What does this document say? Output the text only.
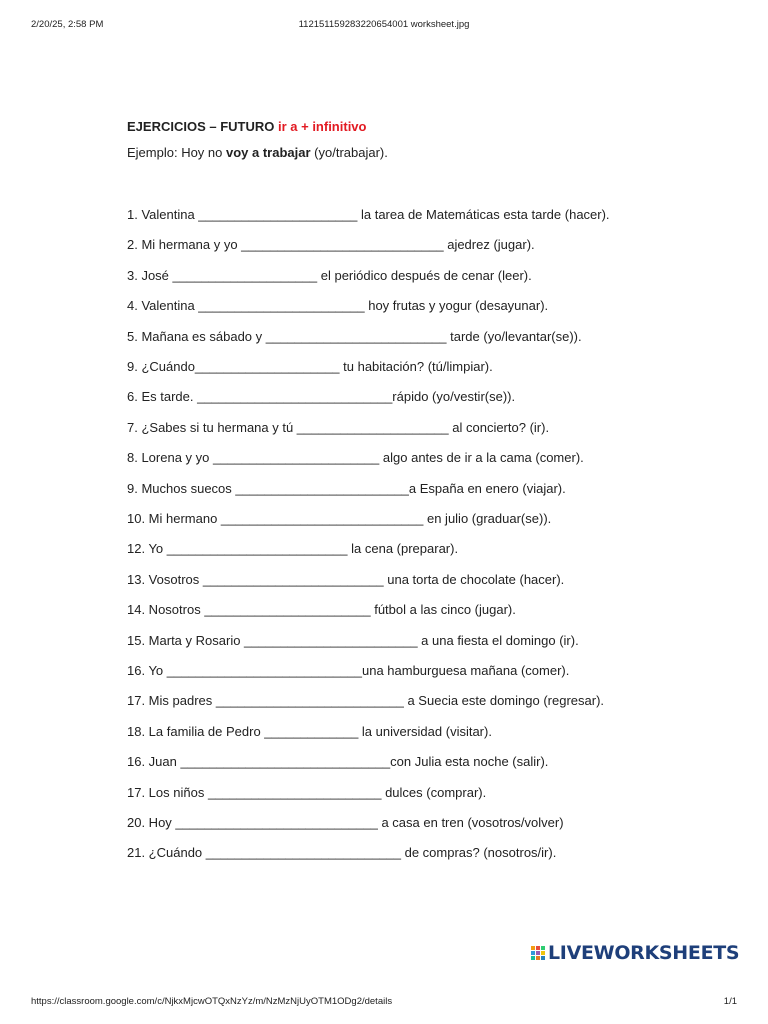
2/20/25, 2:58 PM	1121511592832206540​01 worksheet.jpg
EJERCICIOS – FUTURO ir a + infinitivo
Ejemplo: Hoy no voy a trabajar (yo/trabajar).
1. Valentina ______________________ la tarea de Matemáticas esta tarde (hacer).
2. Mi hermana y yo ____________________________ ajedrez (jugar).
3. José ____________________ el periódico después de cenar (leer).
4. Valentina _______________________ hoy frutas y yogur (desayunar).
5. Mañana es sábado y _________________________ tarde (yo/levantar(se)).
9. ¿Cuándo____________________ tu habitación? (tú/limpiar).
6. Es tarde. ___________________________rápido (yo/vestir(se)).
7. ¿Sabes si tu hermana y tú _____________________ al concierto? (ir).
8. Lorena y yo _______________________ algo antes de ir a la cama (comer).
9. Muchos suecos ________________________a España en enero (viajar).
10. Mi hermano ____________________________ en julio (graduar(se)).
12. Yo _________________________ la cena (preparar).
13. Vosotros _________________________ una torta de chocolate (hacer).
14. Nosotros _______________________ fútbol a las cinco (jugar).
15. Marta y Rosario ________________________ a una fiesta el domingo (ir).
16. Yo ___________________________una hamburguesa mañana (comer).
17. Mis padres __________________________ a Suecia este domingo (regresar).
18. La familia de Pedro _____________ la universidad (visitar).
16. Juan _____________________________con Julia esta noche (salir).
17. Los niños ________________________ dulces (comprar).
20. Hoy ____________________________ a casa en tren (vosotros/volver)
21. ¿Cuándo ___________________________ de compras? (nosotros/ir).
LIVEWORKSHEETS
https://classroom.google.com/c/NjkxMjcwOTQxNzYz/m/NzMzNjUyOTM1ODg2/details	1/1
